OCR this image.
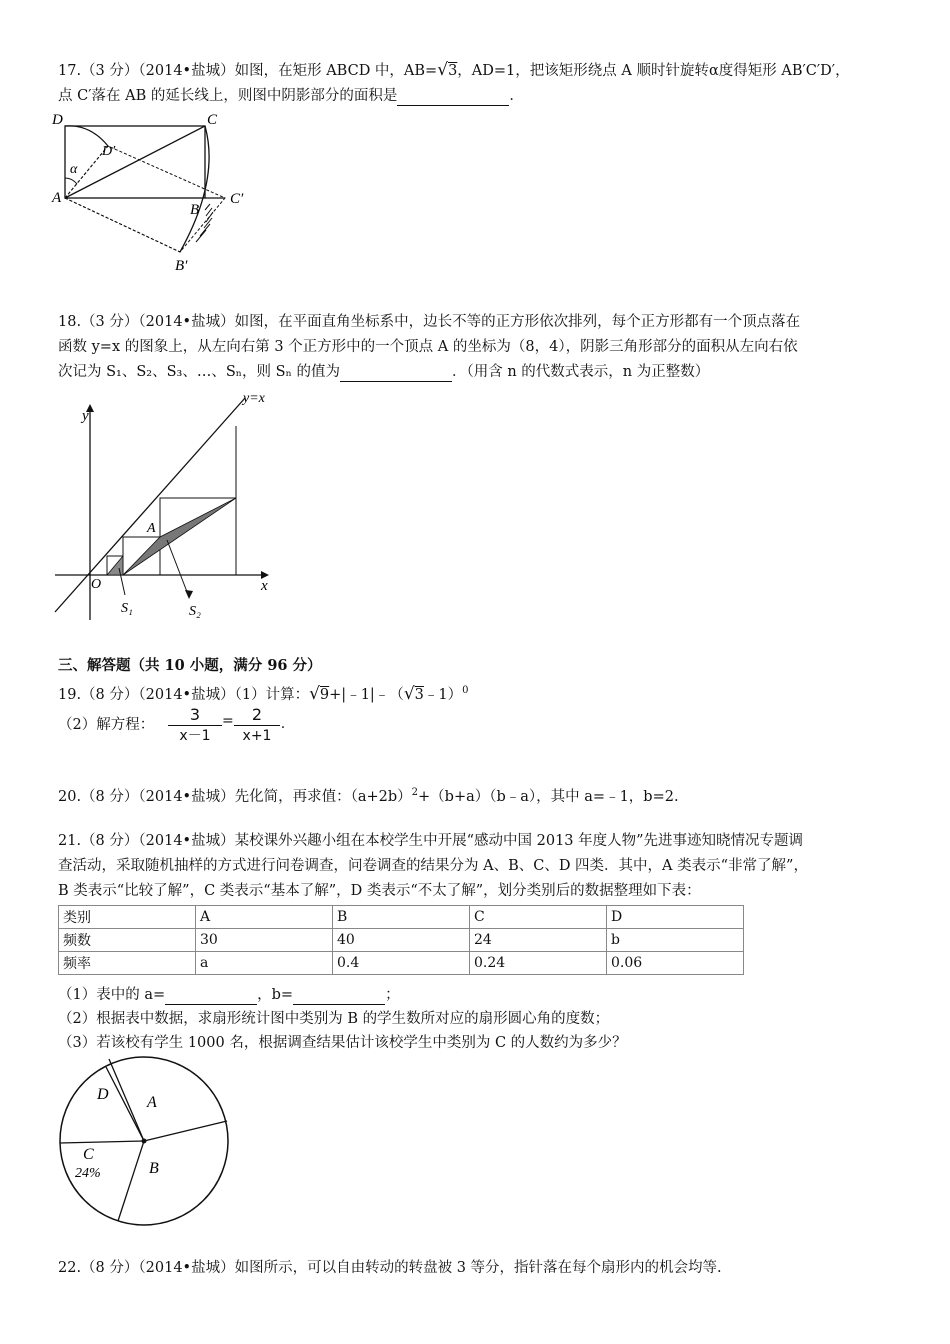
17.（3 分）（2014•盐城）如图，在矩形 ABCD 中，AB=√3，AD=1，把该矩形绕点 A 顺时针旋转α度得矩形 AB′C′D′，
点 C′落在 AB 的延长线上，则图中阴影部分的面积是	．
D	C
D′
α
A
B
C′
B′
18.（3 分）（2014•盐城）如图，在平面直角坐标系中，边长不等的正方形依次排列，每个正方形都有一个顶点落在
函数 y=x 的图象上，从左向右第 3 个正方形中的一个顶点 A 的坐标为（8，4），阴影三角形部分的面积从左向右依
次记为 S₁、S₂、S₃、…、Sₙ，则 Sₙ 的值为	．（用含 n 的代数式表示，n 为正整数）
y
y=x
A
O	x
S₁	S₂
三、解答题（共 10 小题，满分 96 分）
19.（8 分）（2014•盐城）（1）计算：√9+|﹣1|﹣（√3﹣1）$^0$
（2）解方程： $\frac{3}{x-1} = \frac{2}{x+1}$ .
20.（8 分）（2014•盐城）先化简，再求值：$(a+2b)^2+(b+a)(b﹣a)$，其中 a=﹣1，b=2.
21.（8 分）（2014•盐城）某校课外兴趣小组在本校学生中开展“感动中国 2013 年度人物”先进事迹知晓情况专题调
查活动，采取随机抽样的方式进行问卷调查，问卷调查的结果分为 A、B、C、D 四类．其中，A 类表示“非常了解”，
B 类表示“比较了解”，C 类表示“基本了解”，D 类表示“不太了解”，划分类别后的数据整理如下表：
类别	A	B	C	D
频数	30	40	24	b
频率	a	0.4	0.24	0.06
（1）表中的 a=	，b=	；
（2）根据表中数据，求扇形统计图中类别为 B 的学生数所对应的扇形圆心角的度数；
（3）若该校有学生 1000 名，根据调查结果估计该校学生中类别为 C 的人数约为多少？
D A
C
24%	B
22.（8 分）（2014•盐城）如图所示，可以自由转动的转盘被 3 等分，指针落在每个扇形内的机会均等.
